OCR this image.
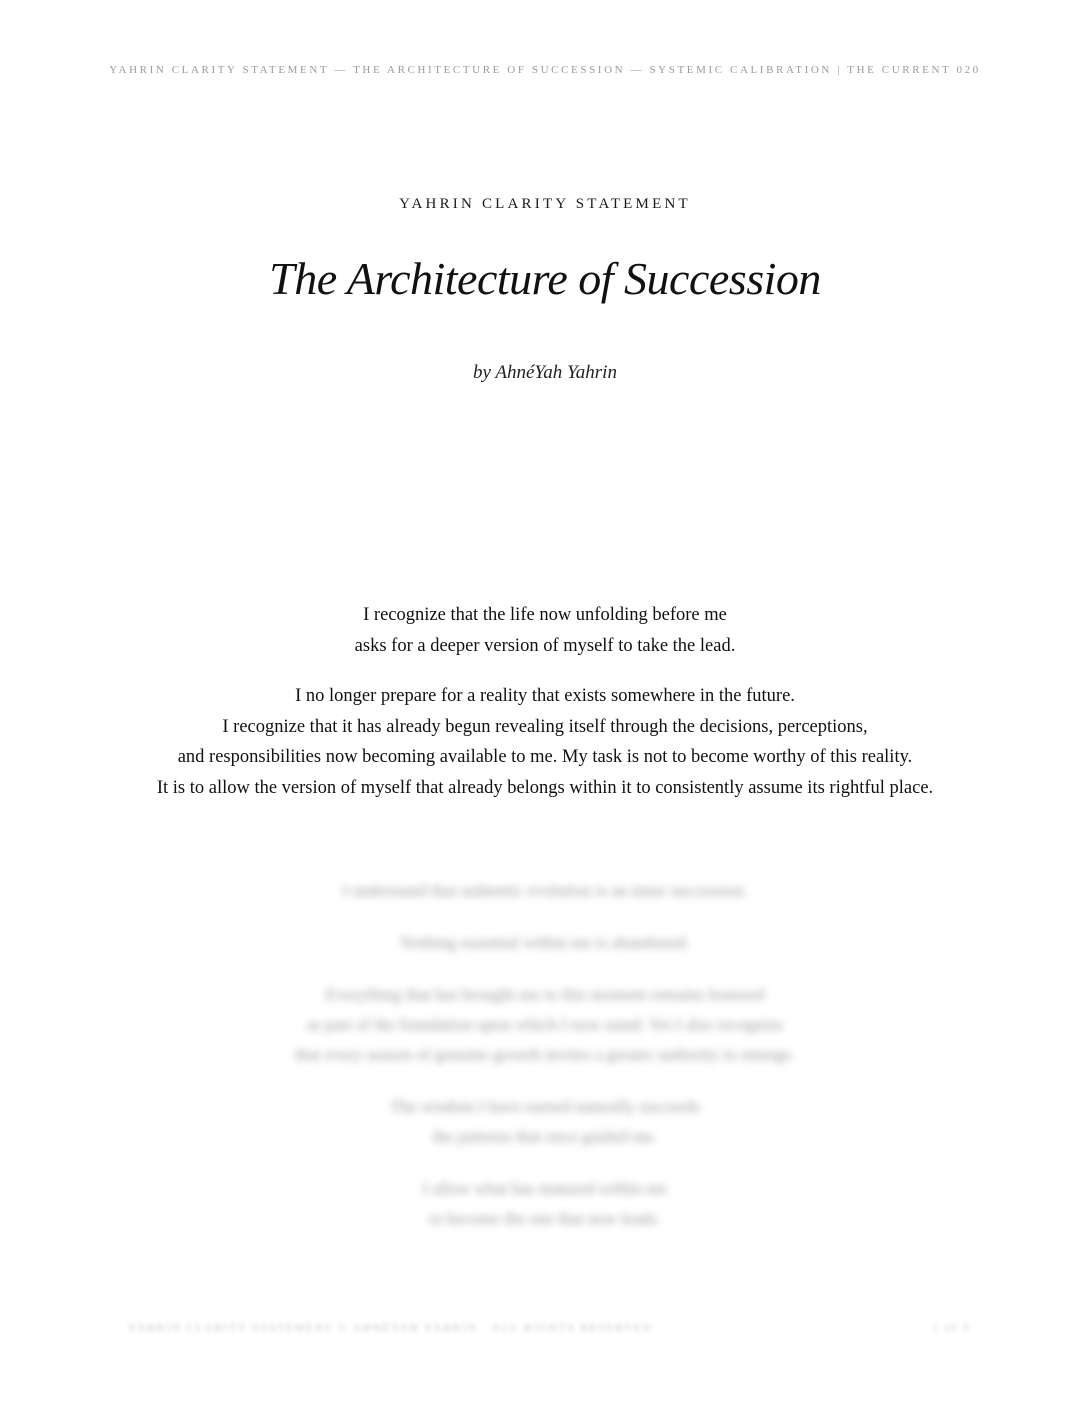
YAHRIN CLARITY STATEMENT — THE ARCHITECTURE OF SUCCESSION — SYSTEMIC CALIBRATION | THE CURRENT 020
YAHRIN CLARITY STATEMENT
The Architecture of Succession
by AhnéYah Yahrin

I recognize that the life now unfolding before me
asks for a deeper version of myself to take the lead.

I no longer prepare for a reality that exists somewhere in the future.
I recognize that it has already begun revealing itself through the decisions, perceptions,
and responsibilities now becoming available to me. My task is not to become worthy of this reality.
It is to allow the version of myself that already belongs within it to consistently assume its rightful place.

I understand that authentic evolution is an inner succession.

Nothing essential within me is abandoned.

Everything that has brought me to this moment remains honored
as part of the foundation upon which I now stand. Yet I also recognize
that every season of genuine growth invites a greater authority to emerge.

The wisdom I have earned naturally succeeds
the patterns that once guided me.

I allow what has matured within me
to become the one that now leads.

YAHRIN CLARITY STATEMENT © AHNÉYAH YAHRIN · ALL RIGHTS RESERVED	1 of 3
